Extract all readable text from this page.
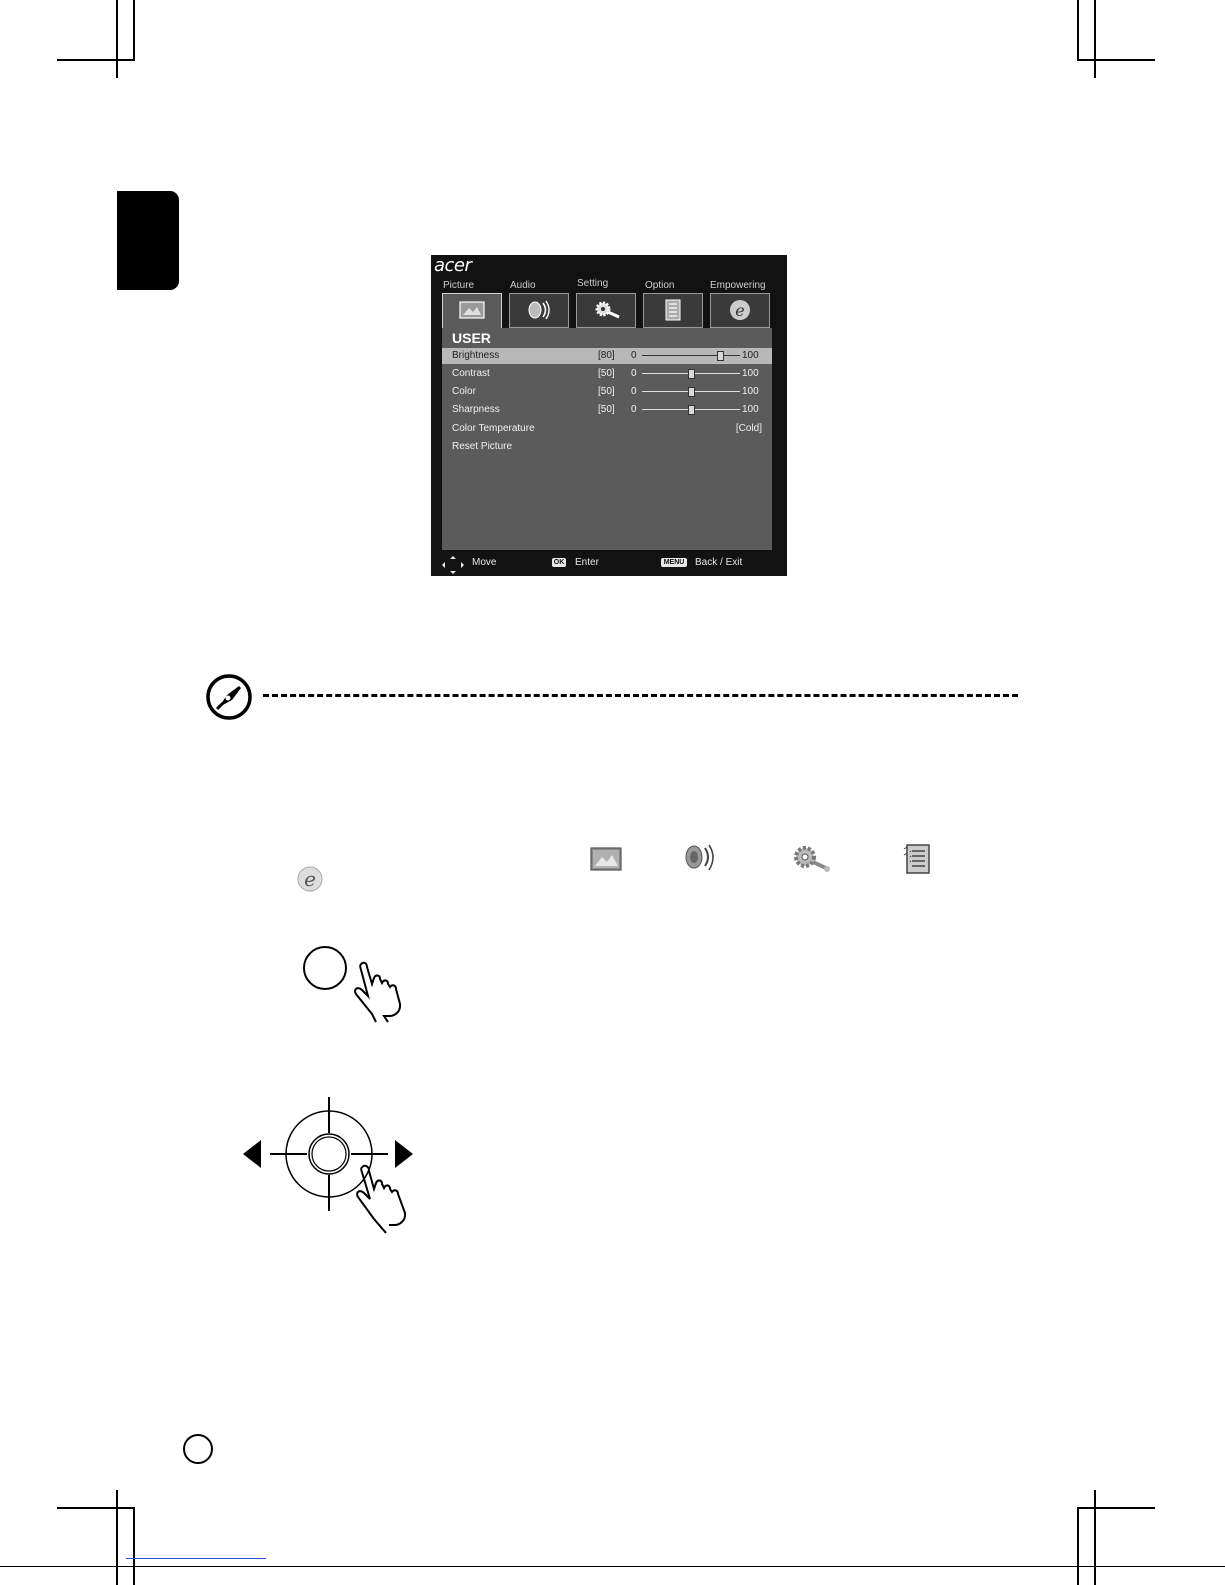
acer
Picture	Audio	Setting	Option	Empowering
e
USER
Brightness	[80] 0	100
Contrast	[50] 0	100
Color	[50] 0	100
Sharpness	[50] 0	100
Color Temperature	[Cold]
Reset Picture
Move	OK Enter	MENU Back / Exit
e
